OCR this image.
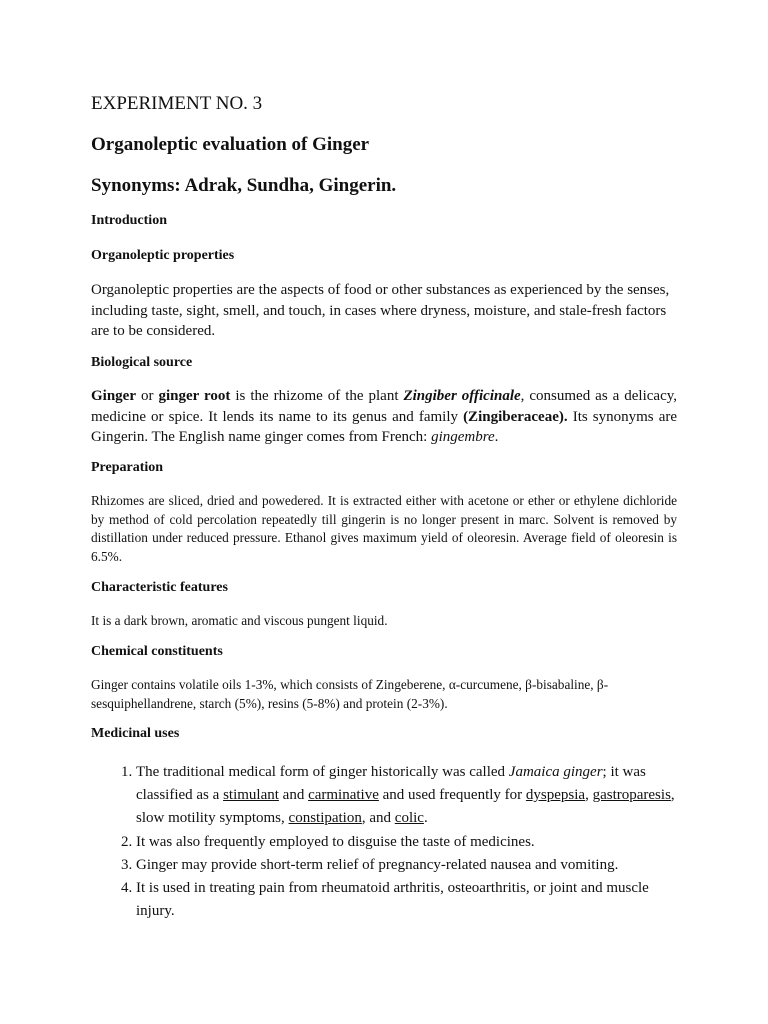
EXPERIMENT NO. 3
Organoleptic evaluation of Ginger
Synonyms: Adrak, Sundha, Gingerin.
Introduction
Organoleptic properties

Organoleptic properties are the aspects of food or other substances as experienced by the senses, including taste, sight, smell, and touch, in cases where dryness, moisture, and stale-fresh factors are to be considered.

Biological source

Ginger or ginger root is the rhizome of the plant Zingiber officinale, consumed as a delicacy, medicine or spice. It lends its name to its genus and family (Zingiberaceae). Its synonyms are Gingerin. The English name ginger comes from French: gingembre.

Preparation

Rhizomes are sliced, dried and powedered. It is extracted either with acetone or ether or ethylene dichloride by method of cold percolation repeatedly till gingerin is no longer present in marc. Solvent is removed by distillation under reduced pressure. Ethanol gives maximum yield of oleoresin. Average field of oleoresin is 6.5%.

Characteristic features

It is a dark brown, aromatic and viscous pungent liquid.

Chemical constituents

Ginger contains volatile oils 1-3%, which consists of Zingeberene, α-curcumene, β-bisabaline, β-sesquiphellandrene, starch (5%), resins (5-8%) and protein (2-3%).

Medicinal uses
1. The traditional medical form of ginger historically was called Jamaica ginger; it was classified as a stimulant and carminative and used frequently for dyspepsia, gastroparesis, slow motility symptoms, constipation, and colic.
2. It was also frequently employed to disguise the taste of medicines.
3. Ginger may provide short-term relief of pregnancy-related nausea and vomiting.
4. It is used in treating pain from rheumatoid arthritis, osteoarthritis, or joint and muscle injury.
